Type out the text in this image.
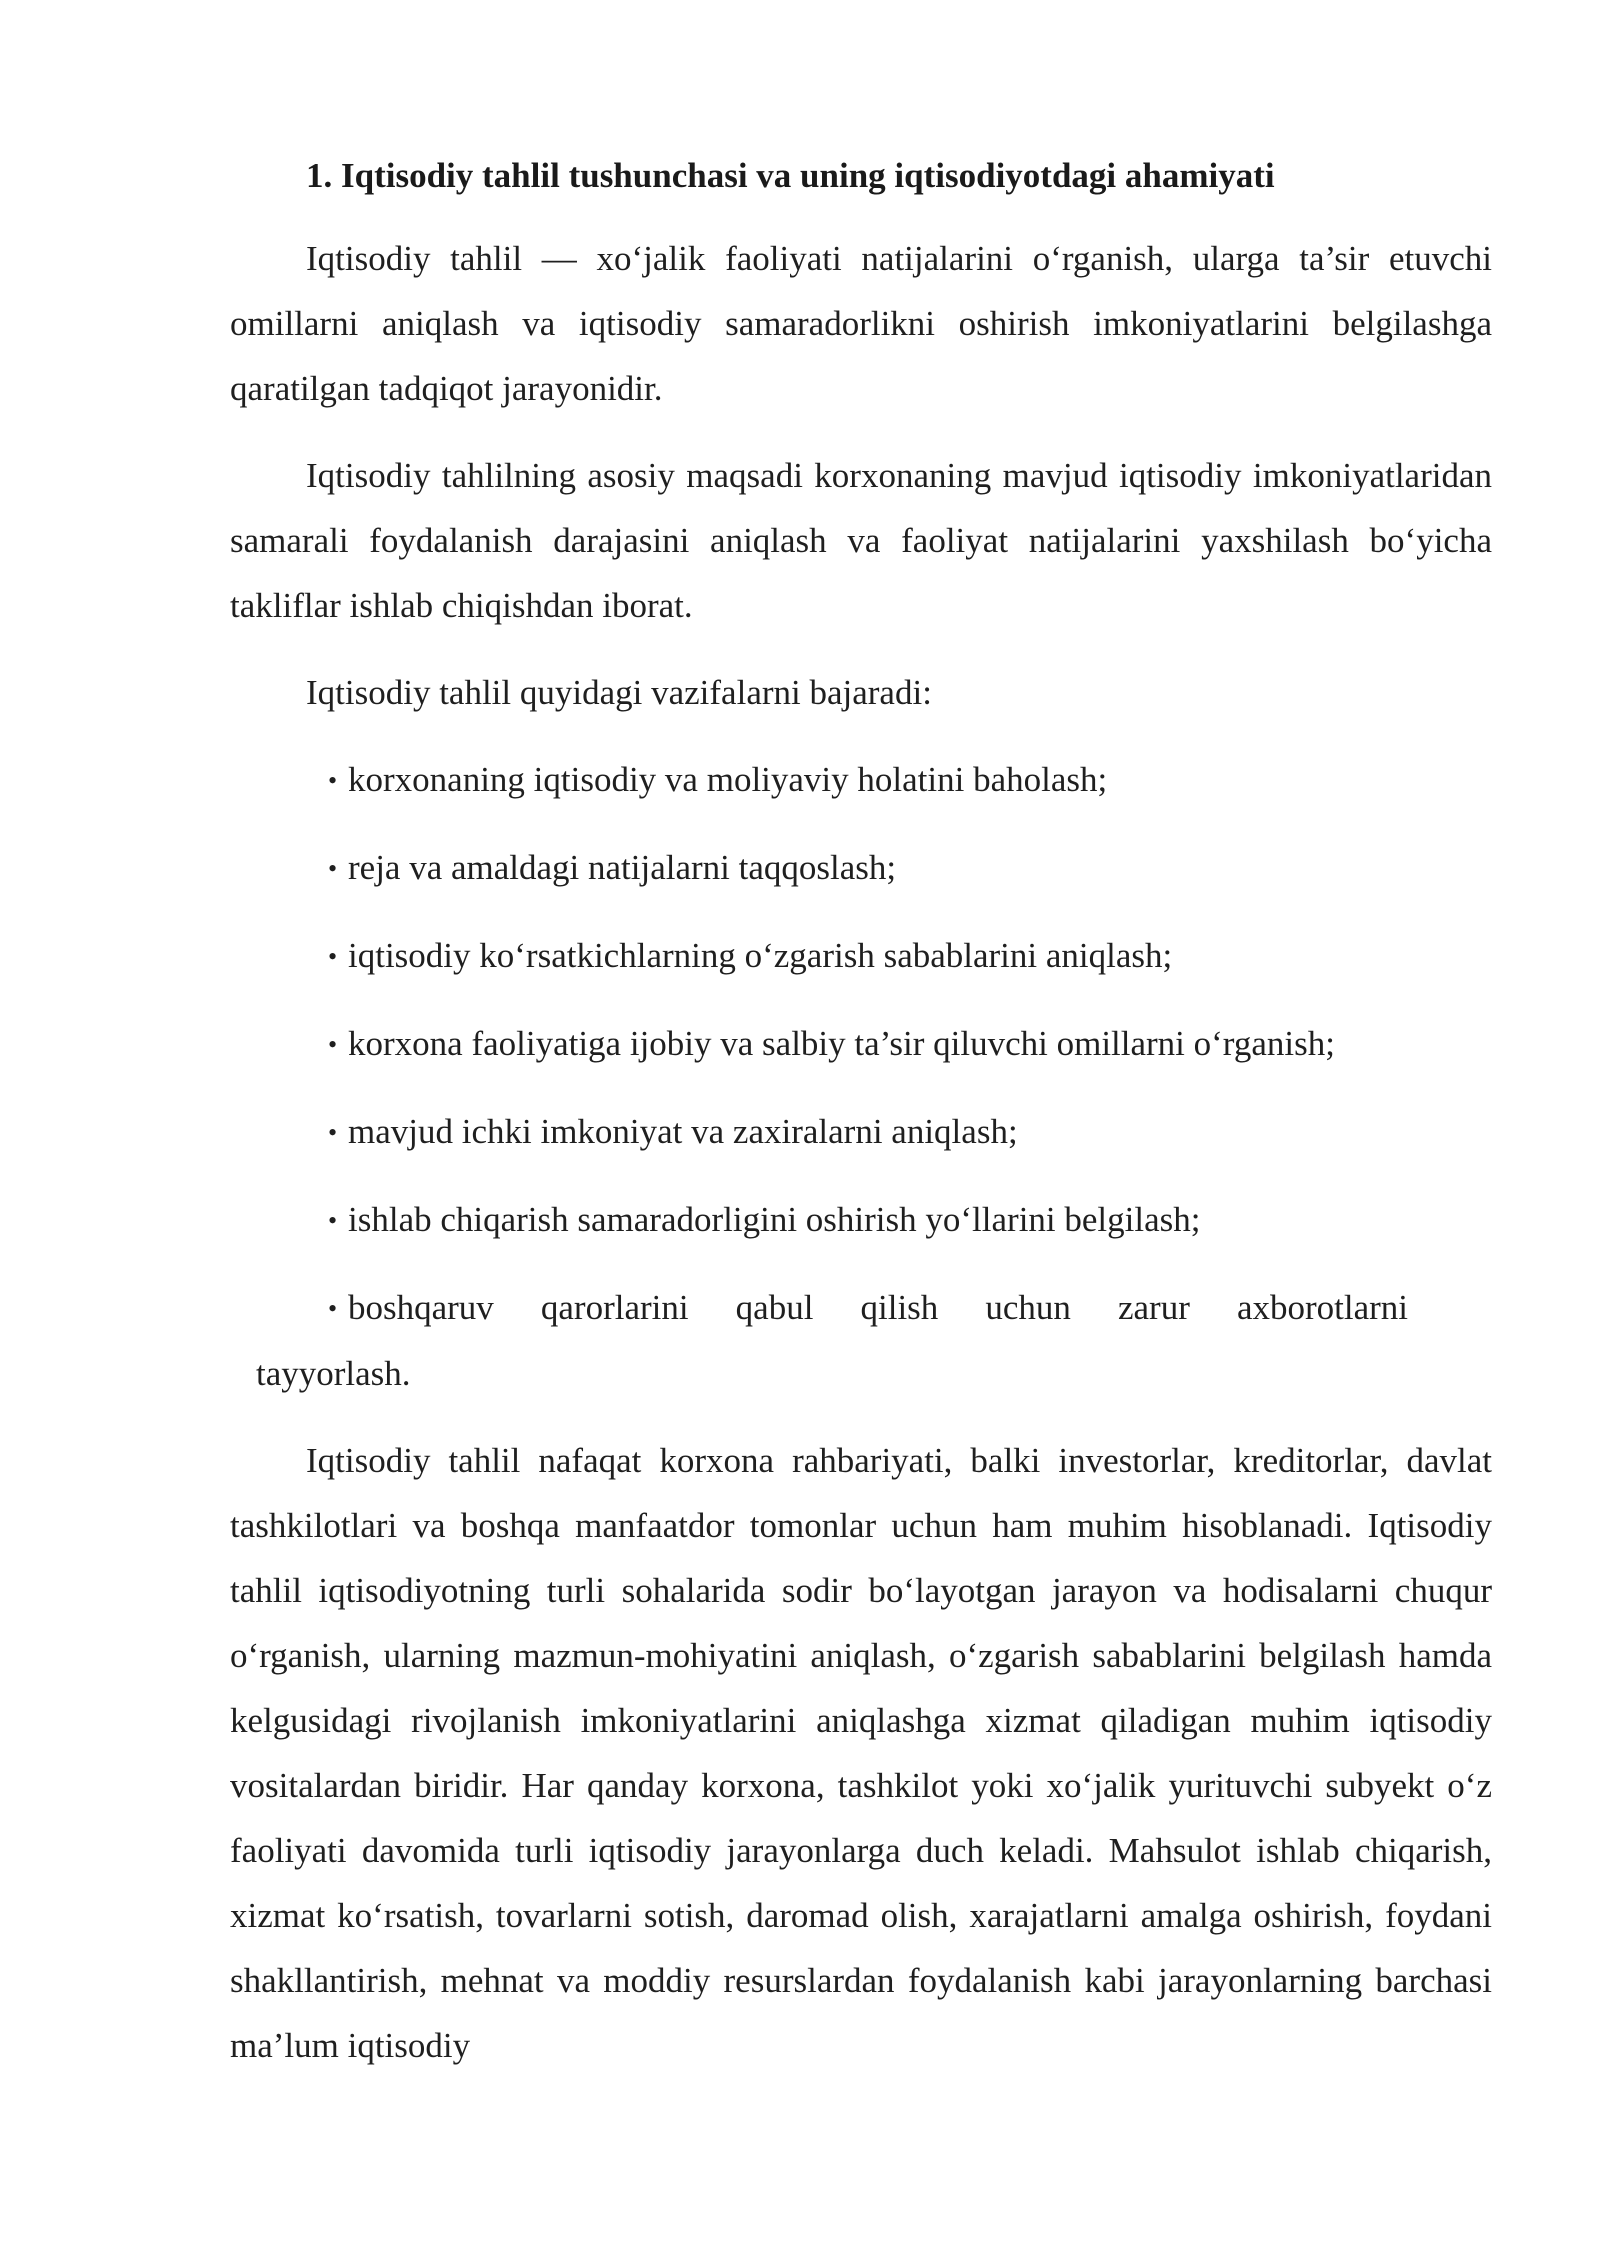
1. Iqtisodiy tahlil tushunchasi va uning iqtisodiyotdagi ahamiyati

Iqtisodiy tahlil — xo‘jalik faoliyati natijalarini o‘rganish, ularga ta’sir etuvchi omillarni aniqlash va iqtisodiy samaradorlikni oshirish imkoniyatlarini belgilashga qaratilgan tadqiqot jarayonidir.

Iqtisodiy tahlilning asosiy maqsadi korxonaning mavjud iqtisodiy imkoniyatlaridan samarali foydalanish darajasini aniqlash va faoliyat natijalarini yaxshilash bo‘yicha takliflar ishlab chiqishdan iborat.

Iqtisodiy tahlil quyidagi vazifalarni bajaradi:

• korxonaning iqtisodiy va moliyaviy holatini baholash;
• reja va amaldagi natijalarni taqqoslash;
• iqtisodiy ko‘rsatkichlarning o‘zgarish sabablarini aniqlash;
• korxona faoliyatiga ijobiy va salbiy ta’sir qiluvchi omillarni o‘rganish;
• mavjud ichki imkoniyat va zaxiralarni aniqlash;
• ishlab chiqarish samaradorligini oshirish yo‘llarini belgilash;
• boshqaruv qarorlarini qabul qilish uchun zarur axborotlarni
tayyorlash.

Iqtisodiy tahlil nafaqat korxona rahbariyati, balki investorlar, kreditorlar, davlat tashkilotlari va boshqa manfaatdor tomonlar uchun ham muhim hisoblanadi. Iqtisodiy tahlil iqtisodiyotning turli sohalarida sodir bo‘layotgan jarayon va hodisalarni chuqur o‘rganish, ularning mazmun-mohiyatini aniqlash, o‘zgarish sabablarini belgilash hamda kelgusidagi rivojlanish imkoniyatlarini aniqlashga xizmat qiladigan muhim iqtisodiy vositalardan biridir. Har qanday korxona, tashkilot yoki xo‘jalik yurituvchi subyekt o‘z faoliyati davomida turli iqtisodiy jarayonlarga duch keladi. Mahsulot ishlab chiqarish, xizmat ko‘rsatish, tovarlarni sotish, daromad olish, xarajatlarni amalga oshirish, foydani shakllantirish, mehnat va moddiy resurslardan foydalanish kabi jarayonlarning barchasi ma’lum iqtisodiy
